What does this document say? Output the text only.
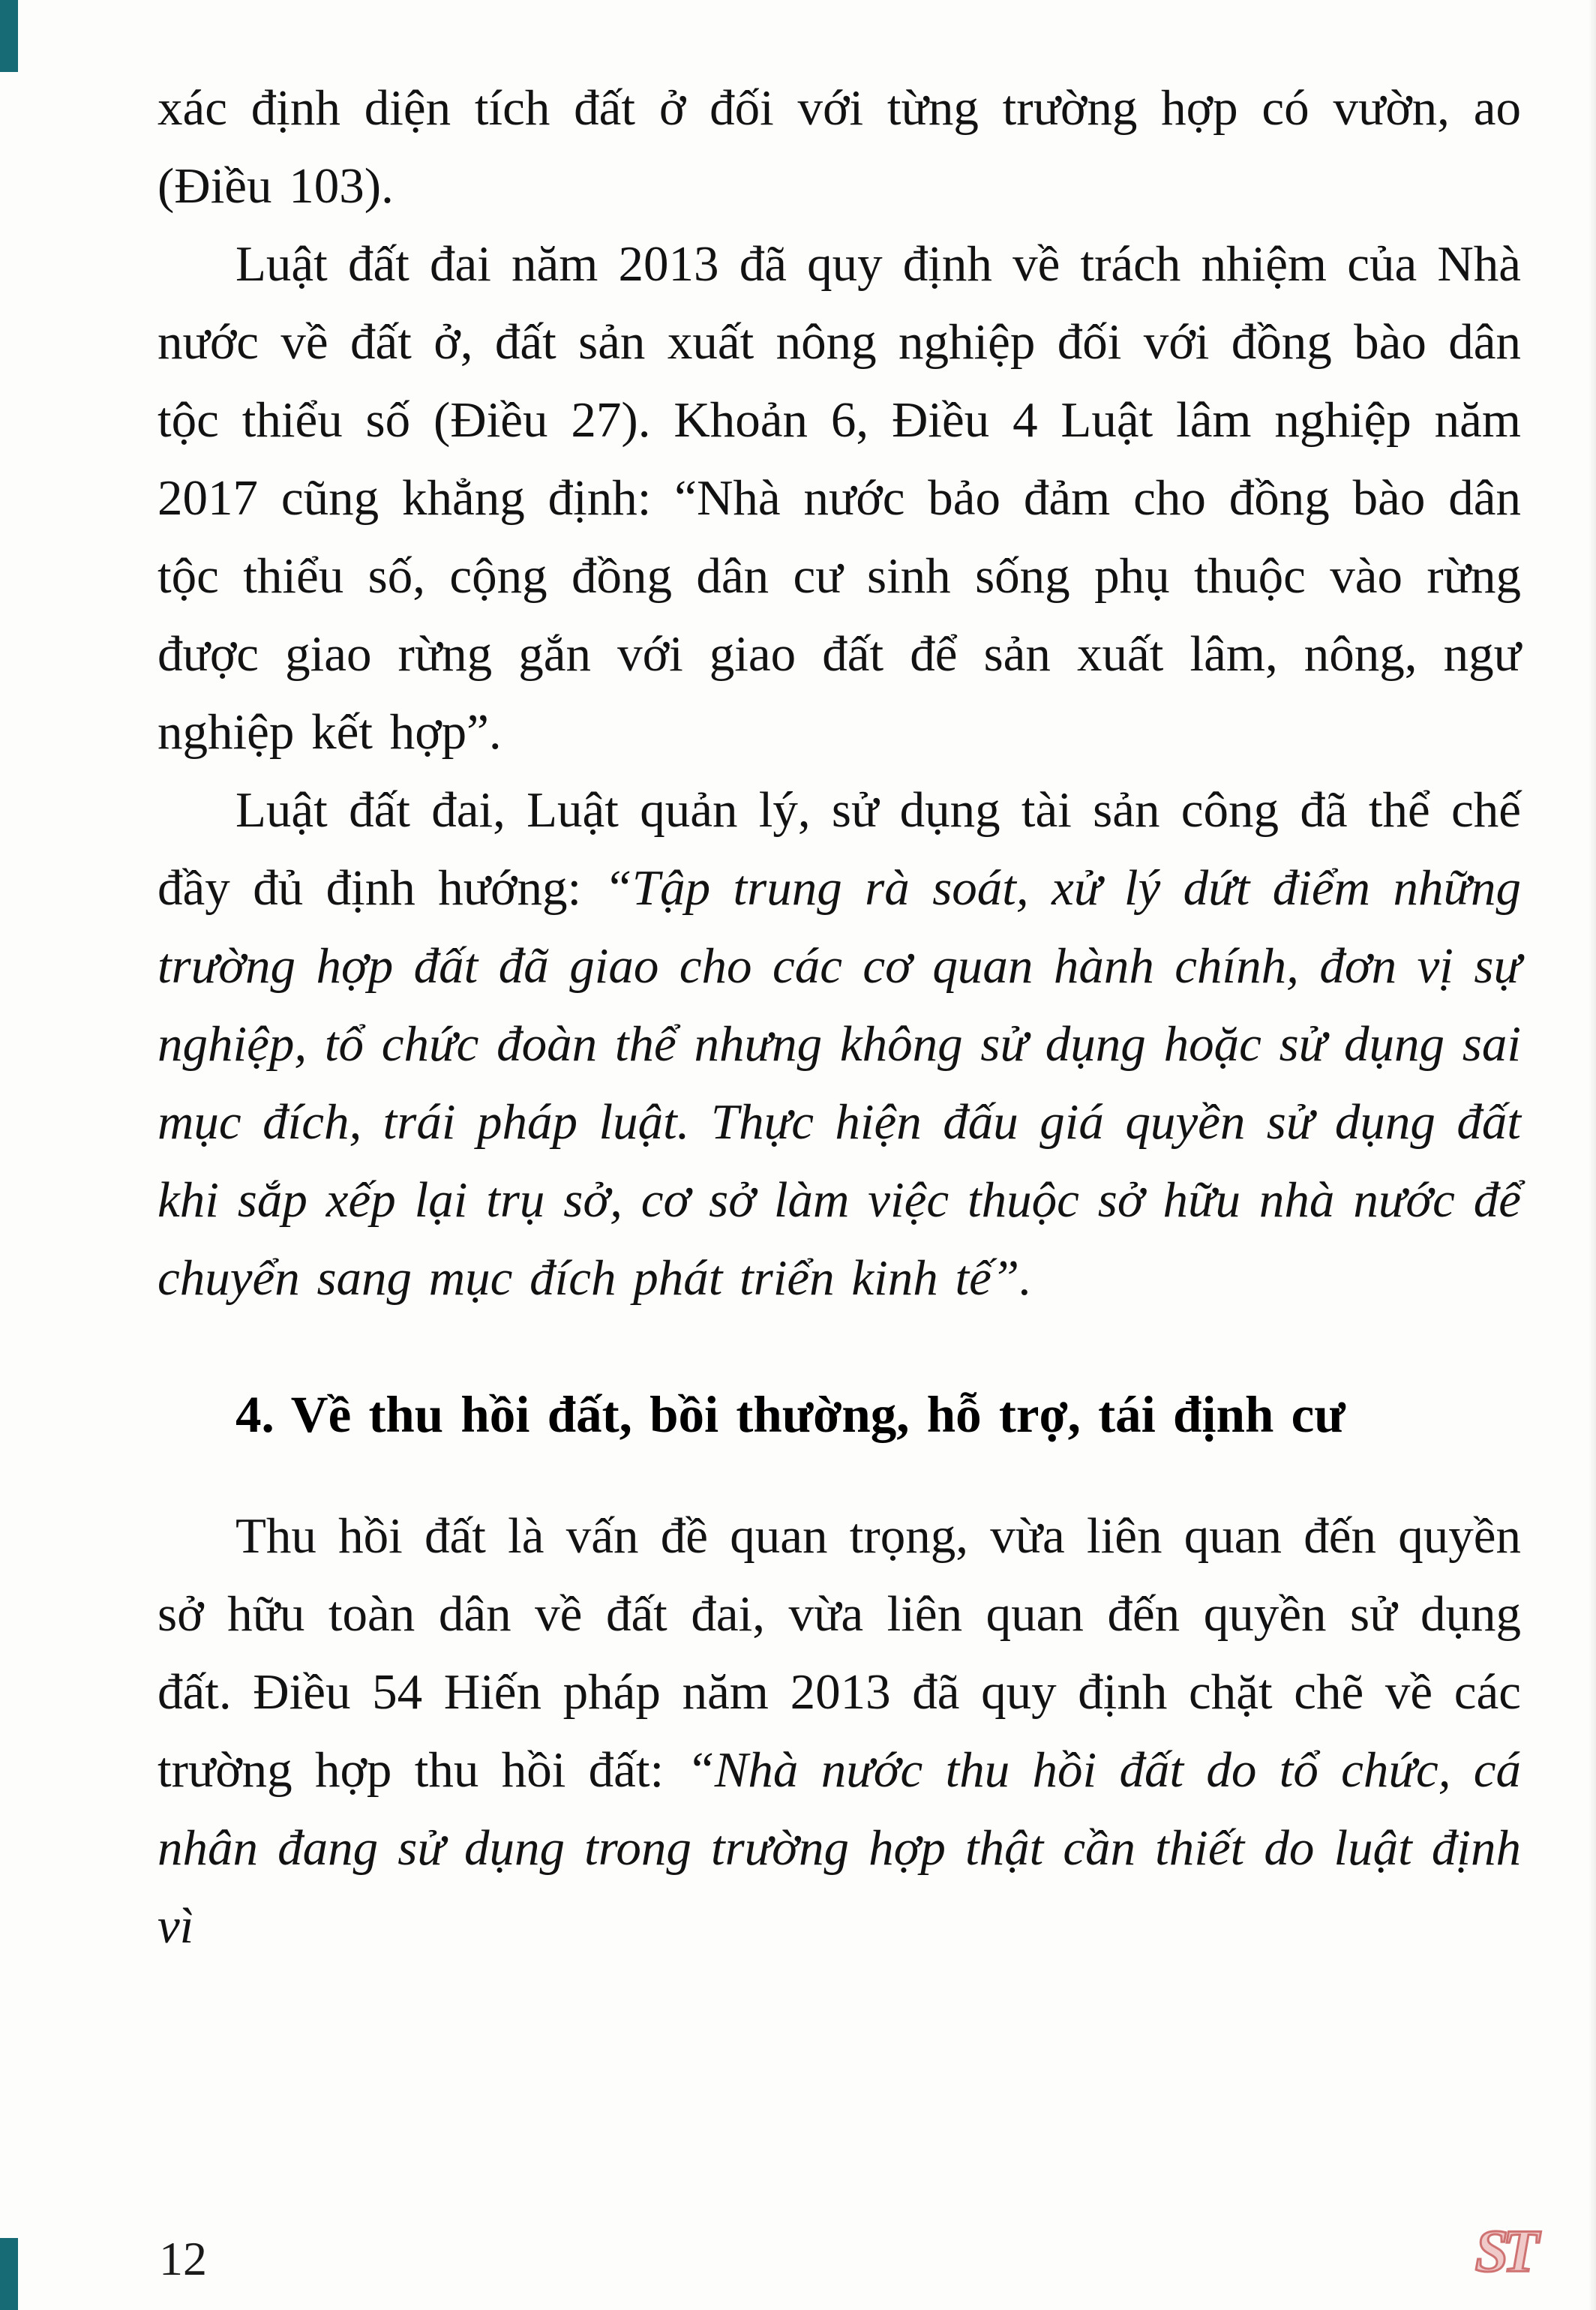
xác định diện tích đất ở đối với từng trường hợp có vườn, ao (Điều 103).

Luật đất đai năm 2013 đã quy định về trách nhiệm của Nhà nước về đất ở, đất sản xuất nông nghiệp đối với đồng bào dân tộc thiểu số (Điều 27). Khoản 6, Điều 4 Luật lâm nghiệp năm 2017 cũng khẳng định: “Nhà nước bảo đảm cho đồng bào dân tộc thiểu số, cộng đồng dân cư sinh sống phụ thuộc vào rừng được giao rừng gắn với giao đất để sản xuất lâm, nông, ngư nghiệp kết hợp”.

Luật đất đai, Luật quản lý, sử dụng tài sản công đã thể chế đầy đủ định hướng: “Tập trung rà soát, xử lý dứt điểm những trường hợp đất đã giao cho các cơ quan hành chính, đơn vị sự nghiệp, tổ chức đoàn thể nhưng không sử dụng hoặc sử dụng sai mục đích, trái pháp luật. Thực hiện đấu giá quyền sử dụng đất khi sắp xếp lại trụ sở, cơ sở làm việc thuộc sở hữu nhà nước để chuyển sang mục đích phát triển kinh tế”.

4. Về thu hồi đất, bồi thường, hỗ trợ, tái định cư

Thu hồi đất là vấn đề quan trọng, vừa liên quan đến quyền sở hữu toàn dân về đất đai, vừa liên quan đến quyền sử dụng đất. Điều 54 Hiến pháp năm 2013 đã quy định chặt chẽ về các trường hợp thu hồi đất: “Nhà nước thu hồi đất do tổ chức, cá nhân đang sử dụng trong trường hợp thật cần thiết do luật định vì

12	ST
